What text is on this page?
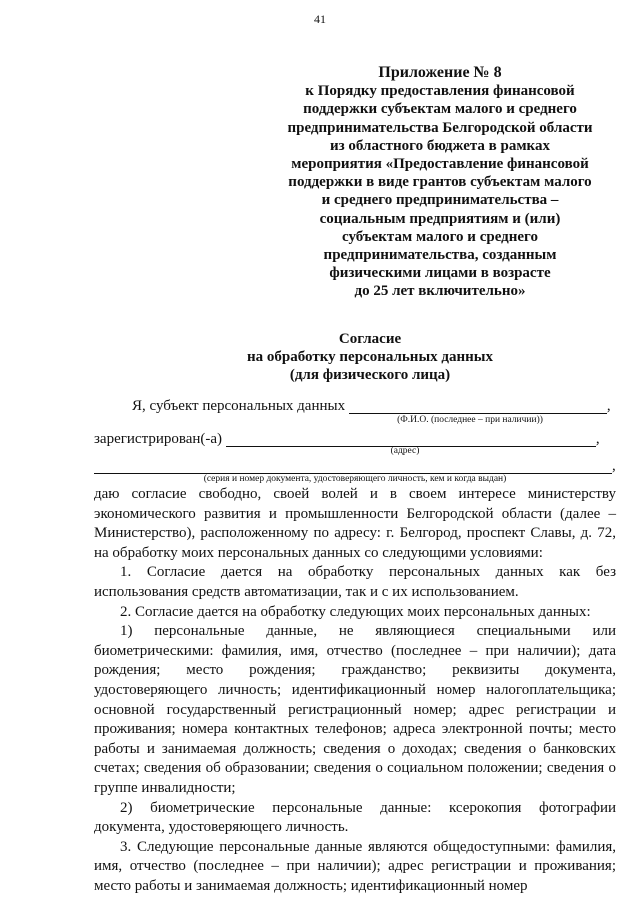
41
Приложение № 8
к Порядку предоставления финансовой
поддержки субъектам малого и среднего
предпринимательства Белгородской области
из областного бюджета в рамках
мероприятия «Предоставление финансовой
поддержки в виде грантов субъектам малого
и среднего предпринимательства –
социальным предприятиям и (или)
субъектам малого и среднего
предпринимательства, созданным
физическими лицами в возрасте
до 25 лет включительно»
Согласие
на обработку персональных данных
(для физического лица)
Я, субъект персональных данных	,
(Ф.И.О. (последнее – при наличии))
зарегистрирован(-а)	,
(адрес)
,
(серия и номер документа, удостоверяющего личность, кем и когда выдан)

даю согласие свободно, своей волей и в своем интересе министерству экономического развития и промышленности Белгородской области (далее – Министерство), расположенному по адресу: г. Белгород, проспект Славы, д. 72, на обработку моих персональных данных со следующими условиями:

1. Согласие дается на обработку персональных данных как без использования средств автоматизации, так и с их использованием.

2. Согласие дается на обработку следующих моих персональных данных:

1) персональные данные, не являющиеся специальными или биометрическими: фамилия, имя, отчество (последнее – при наличии); дата рождения; место рождения; гражданство; реквизиты документа, удостоверяющего личность; идентификационный номер налогоплательщика; основной государственный регистрационный номер; адрес регистрации и проживания; номера контактных телефонов; адреса электронной почты; место работы и занимаемая должность; сведения о доходах; сведения о банковских счетах; сведения об образовании; сведения о социальном положении; сведения о группе инвалидности;

2) биометрические персональные данные: ксерокопия фотографии документа, удостоверяющего личность.

3. Следующие персональные данные являются общедоступными: фамилия, имя, отчество (последнее – при наличии); адрес регистрации и проживания; место работы и занимаемая должность; идентификационный номер
